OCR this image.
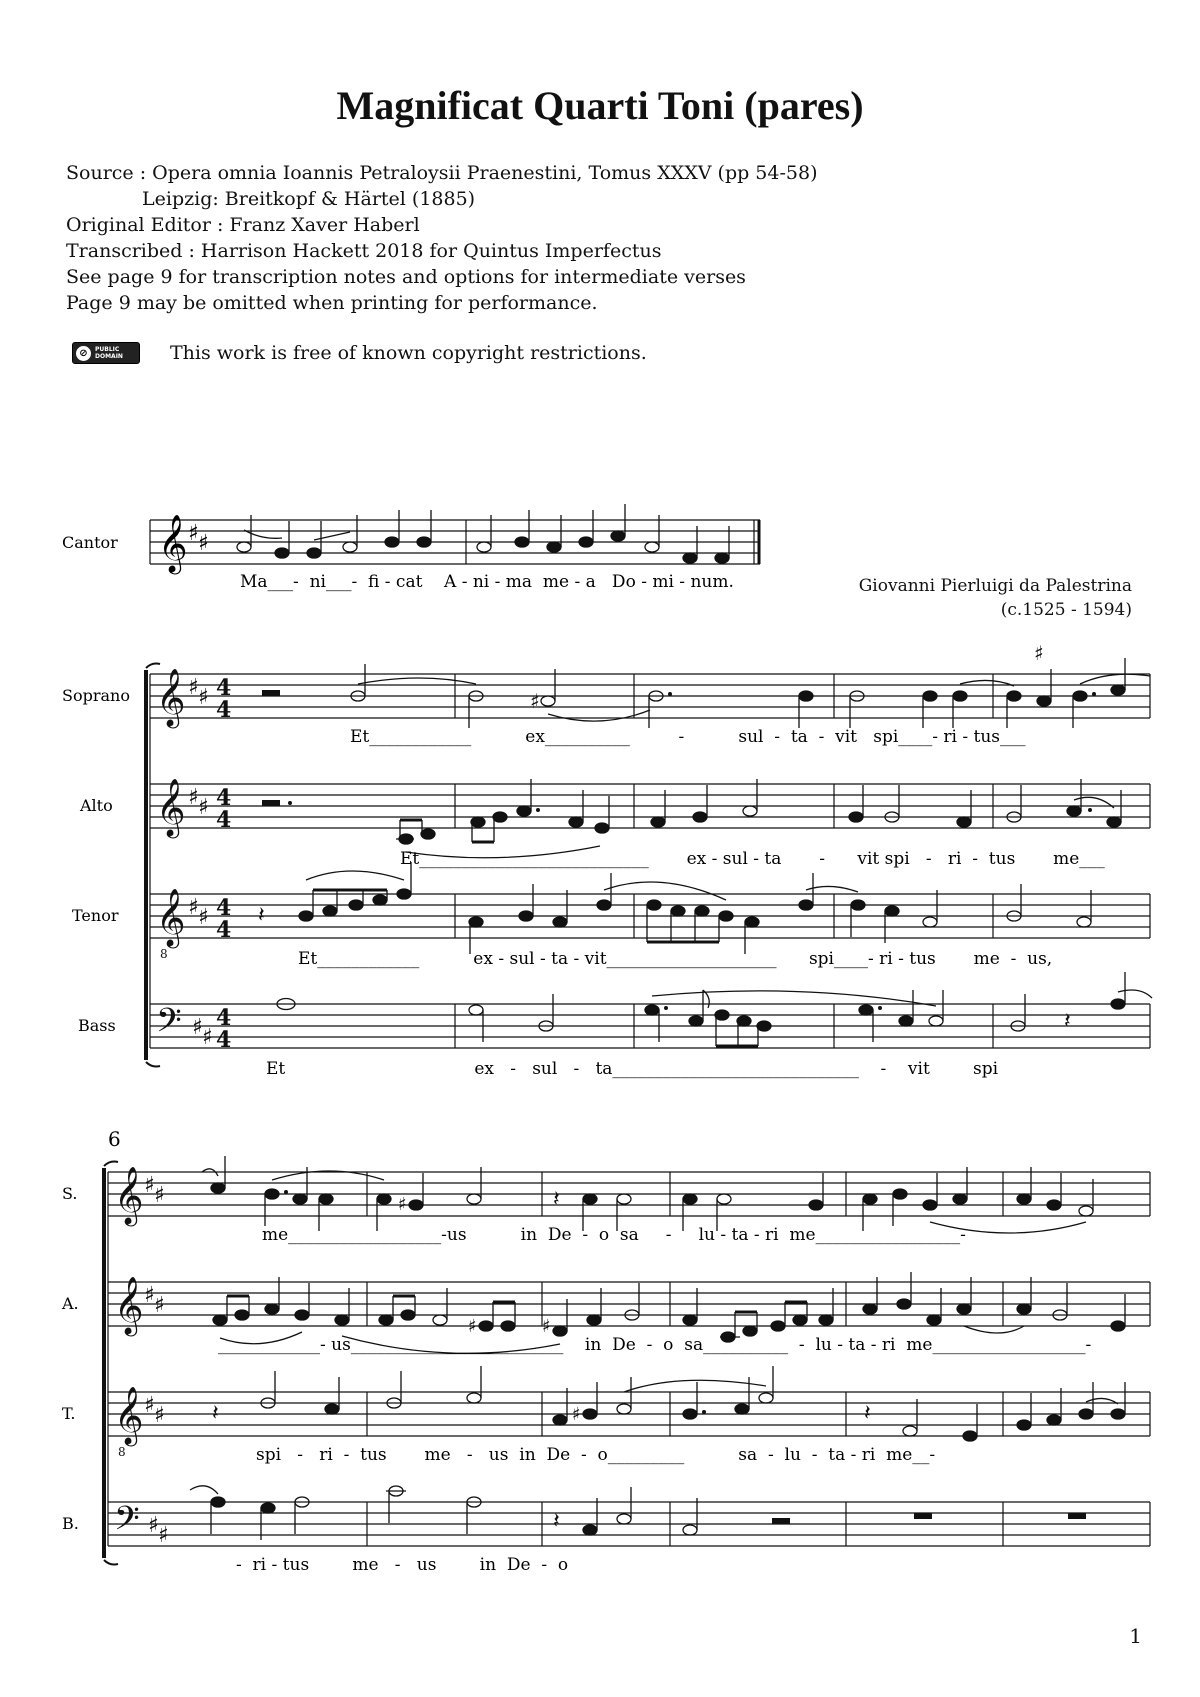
Magnificat Quarti Toni (pares)
Source : Opera omnia Ioannis Petraloysii Praenestini, Tomus XXXV (pp 54-58)
Leipzig: Breitkopf & Härtel (1885)
Original Editor : Franz Xaver Haberl
Transcribed : Harrison Hackett 2018 for Quintus Imperfectus
See page 9 for transcription notes and options for intermediate verses
Page 9 may be omitted when printing for performance.
⊘	PUBLIC
DOMAIN This work is free of known copyright restrictions.
Giovanni Pierluigi da Palestrina
(c.1525 - 1594)
𝄞 ♯ ♯
Cantor
Ma___-  ni___-  fi - cat    A - ni - ma  me - a   Do - mi - num.
𝄞
𝄞
𝄞
8
𝄢
♯ ♯
♯ ♯
♯ ♯
♯ ♯
4
4
4
4
4
4
4
4
♯
♯
𝄽
𝄽
Soprano
Alto
Tenor
Bass
Et____________          ex__________         -          sul  -  ta  -  vit   spi____- ri - tus___
Et___________________________       ex - sul - ta       -      vit spi   -   ri  -  tus       me___
Et____________          ex - sul - ta - vit____________________      spi____- ri - tus       me  -  us,
Et                                   ex   -   sul   -   ta_____________________________    -    vit        spi
6
𝄞
𝄞
𝄞
8
𝄢
♯ ♯
♯ ♯
♯ ♯
♯ ♯
♯	𝄽
♯	♯
𝄽	♯	𝄽
𝄽
S.
A.
T.
B.
me__________________-us          in  De  -  o  sa     -     lu - ta - ri  me_________________-
____________- us_________________________    in  De  -  o  sa__________  -  lu - ta - ri  me__________________-
spi   -   ri  -  tus       me   -   us  in  De  -  o_________          sa  -  lu  -  ta - ri  me__-
-  ri - tus        me   -   us        in  De  -  o
1
